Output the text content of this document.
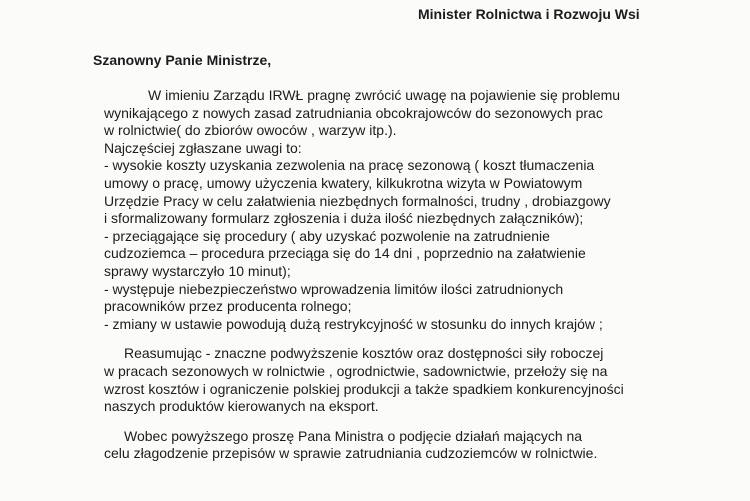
Minister Rolnictwa i Rozwoju Wsi
Szanowny Panie Ministrze,
W imieniu Zarządu IRWŁ pragnę zwrócić uwagę na pojawienie się problemu
wynikającego z nowych zasad zatrudniania obcokrajowców do sezonowych prac
w rolnictwie( do zbiorów owoców , warzyw itp.).
Najczęściej zgłaszane uwagi to:
- wysokie koszty uzyskania zezwolenia na pracę sezonową ( koszt tłumaczenia
umowy o pracę, umowy użyczenia kwatery, kilkukrotna wizyta w Powiatowym
Urzędzie Pracy w celu załatwienia niezbędnych formalności, trudny , drobiazgowy
i sformalizowany formularz zgłoszenia i duża ilość niezbędnych załączników);
- przeciągające się procedury ( aby uzyskać pozwolenie na zatrudnienie
cudzoziemca – procedura przeciąga się do 14 dni , poprzednio na załatwienie
sprawy wystarczyło 10 minut);
- występuje niebezpieczeństwo wprowadzenia limitów ilości zatrudnionych
pracowników przez producenta rolnego;
- zmiany w ustawie powodują dużą restrykcyjność w stosunku do innych krajów ;
Reasumując - znaczne podwyższenie kosztów oraz dostępności siły roboczej
w pracach sezonowych w rolnictwie , ogrodnictwie, sadownictwie, przełoży się na
wzrost kosztów i ograniczenie polskiej produkcji a także spadkiem konkurencyjności
naszych produktów kierowanych na eksport.
Wobec powyższego proszę Pana Ministra o podjęcie działań mających na
celu złagodzenie przepisów w sprawie zatrudniania cudzoziemców w rolnictwie.
